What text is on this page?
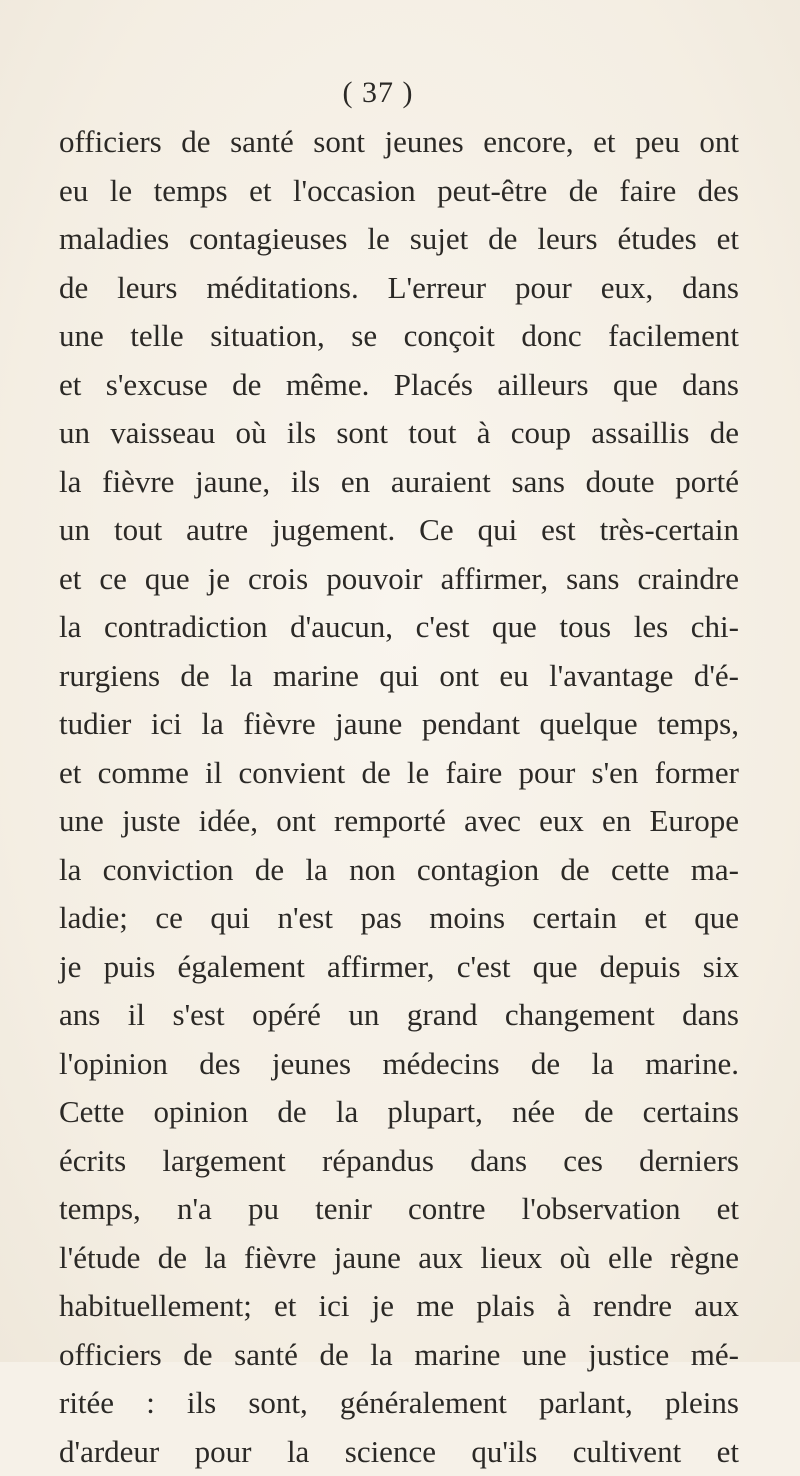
( 37 )
officiers de santé sont jeunes encore, et peu ont
eu le temps et l'occasion peut-être de faire des
maladies contagieuses le sujet de leurs études et
de leurs méditations. L'erreur pour eux, dans
une telle situation, se conçoit donc facilement
et s'excuse de même. Placés ailleurs que dans
un vaisseau où ils sont tout à coup assaillis de
la fièvre jaune, ils en auraient sans doute porté
un tout autre jugement. Ce qui est très-certain
et ce que je crois pouvoir affirmer, sans craindre
la contradiction d'aucun, c'est que tous les chi-
rurgiens de la marine qui ont eu l'avantage d'é-
tudier ici la fièvre jaune pendant quelque temps,
et comme il convient de le faire pour s'en former
une juste idée, ont remporté avec eux en Europe
la conviction de la non contagion de cette ma-
ladie; ce qui n'est pas moins certain et que
je puis également affirmer, c'est que depuis six
ans il s'est opéré un grand changement dans
l'opinion des jeunes médecins de la marine.
Cette opinion de la plupart, née de certains
écrits largement répandus dans ces derniers
temps, n'a pu tenir contre l'observation et
l'étude de la fièvre jaune aux lieux où elle règne
habituellement; et ici je me plais à rendre aux
officiers de santé de la marine une justice mé-
ritée : ils sont, généralement parlant, pleins
d'ardeur pour la science qu'ils cultivent et
